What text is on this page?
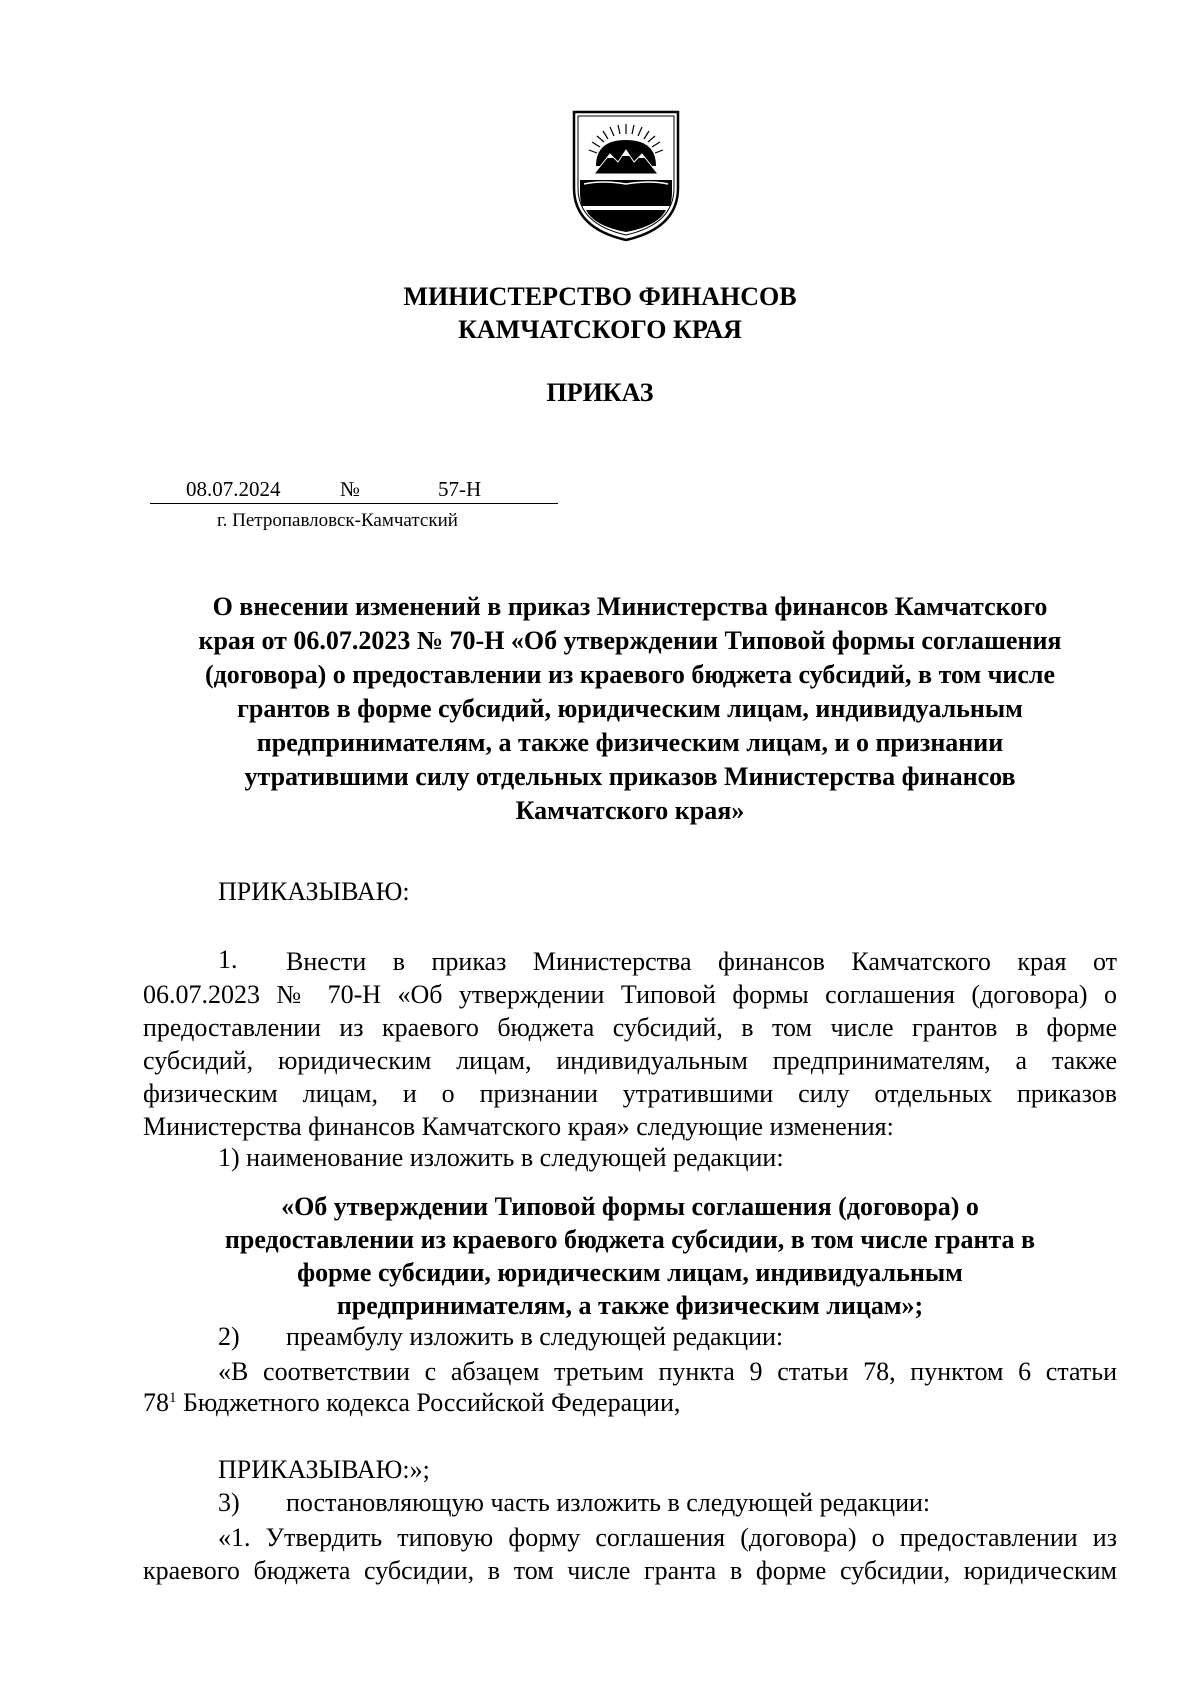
МИНИСТЕРСТВО ФИНАНСОВ
КАМЧАТСКОГО КРАЯ
ПРИКАЗ
08.07.2024	№	57-Н
г. Петропавловск-Камчатский
О внесении изменений в приказ Министерства финансов Камчатского
края от 06.07.2023 № 70-Н «Об утверждении Типовой формы соглашения
(договора) о предоставлении из краевого бюджета субсидий, в том числе
грантов в форме субсидий, юридическим лицам, индивидуальным
предпринимателям, а также физическим лицам, и о признании
утратившими силу отдельных приказов Министерства финансов
Камчатского края»
ПРИКАЗЫВАЮ:
1. Внести в приказ Министерства финансов Камчатского края от
06.07.2023 № 70-Н «Об утверждении Типовой формы соглашения (договора) о
предоставлении из краевого бюджета субсидий, в том числе грантов в форме
субсидий, юридическим лицам, индивидуальным предпринимателям, а также
физическим лицам, и о признании утратившими силу отдельных приказов
Министерства финансов Камчатского края» следующие изменения:
1) наименование изложить в следующей редакции:
«Об утверждении Типовой формы соглашения (договора) о
предоставлении из краевого бюджета субсидии, в том числе гранта в
форме субсидии, юридическим лицам, индивидуальным
предпринимателям, а также физическим лицам»;
2) преамбулу изложить в следующей редакции:
«В соответствии с абзацем третьим пункта 9 статьи 78, пунктом 6 статьи
$78^1$ Бюджетного кодекса Российской Федерации,
ПРИКАЗЫВАЮ:»;
3) постановляющую часть изложить в следующей редакции:
«1. Утвердить типовую форму соглашения (договора) о предоставлении из
краевого бюджета субсидии, в том числе гранта в форме субсидии, юридическим
